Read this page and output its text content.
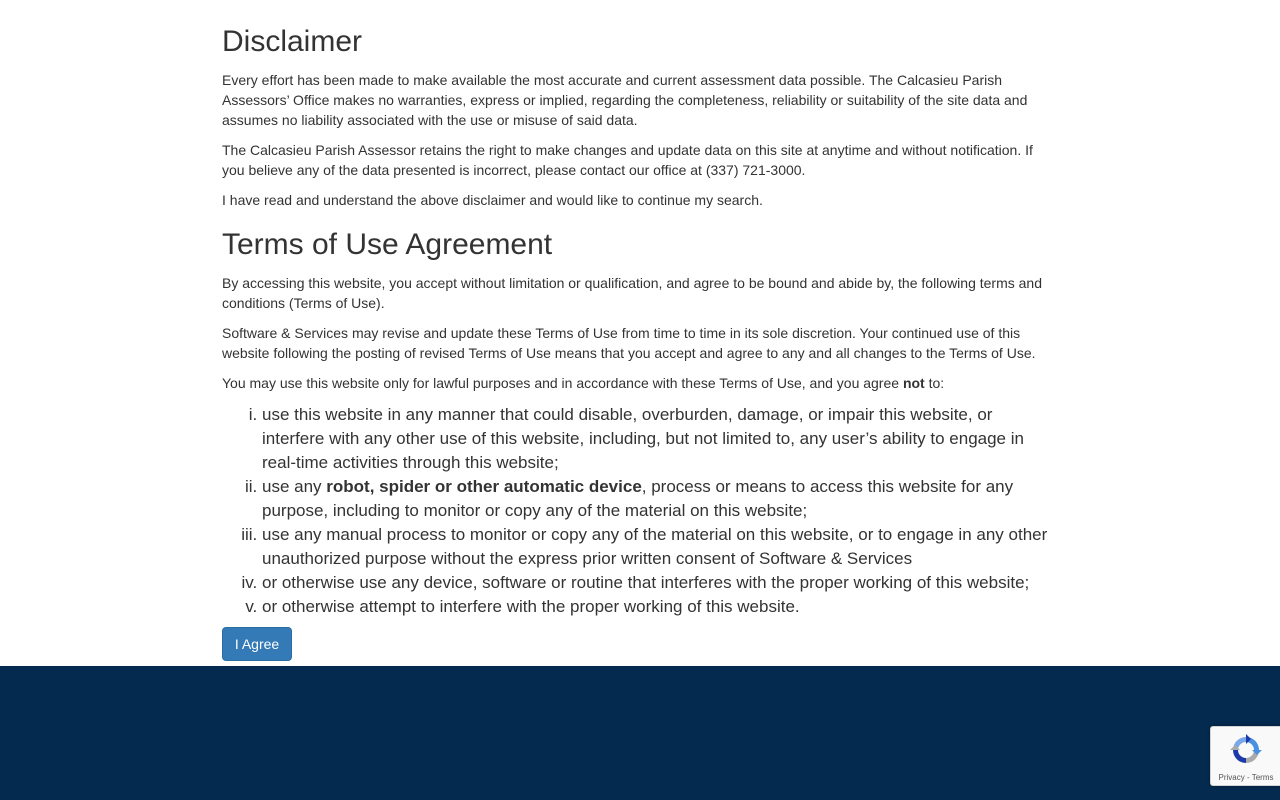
Disclaimer

Every effort has been made to make available the most accurate and current assessment data possible. The Calcasieu Parish Assessors’ Office makes no warranties, express or implied, regarding the completeness, reliability or suitability of the site data and assumes no liability associated with the use or misuse of said data.

The Calcasieu Parish Assessor retains the right to make changes and update data on this site at anytime and without notification. If you believe any of the data presented is incorrect, please contact our office at (337) 721-3000.

I have read and understand the above disclaimer and would like to continue my search.

Terms of Use Agreement

By accessing this website, you accept without limitation or qualification, and agree to be bound and abide by, the following terms and conditions (Terms of Use).

Software & Services may revise and update these Terms of Use from time to time in its sole discretion. Your continued use of this website following the posting of revised Terms of Use means that you accept and agree to any and all changes to the Terms of Use.

You may use this website only for lawful purposes and in accordance with these Terms of Use, and you agree not to:

i. use this website in any manner that could disable, overburden, damage, or impair this website, or interfere with any other use of this website, including, but not limited to, any user’s ability to engage in real-time activities through this website;
ii. use any robot, spider or other automatic device, process or means to access this website for any purpose, including to monitor or copy any of the material on this website;
iii. use any manual process to monitor or copy any of the material on this website, or to engage in any other unauthorized purpose without the express prior written consent of Software & Services
iv. or otherwise use any device, software or routine that interferes with the proper working of this website;
v. or otherwise attempt to interfere with the proper working of this website.
I Agree
Privacy - Terms
